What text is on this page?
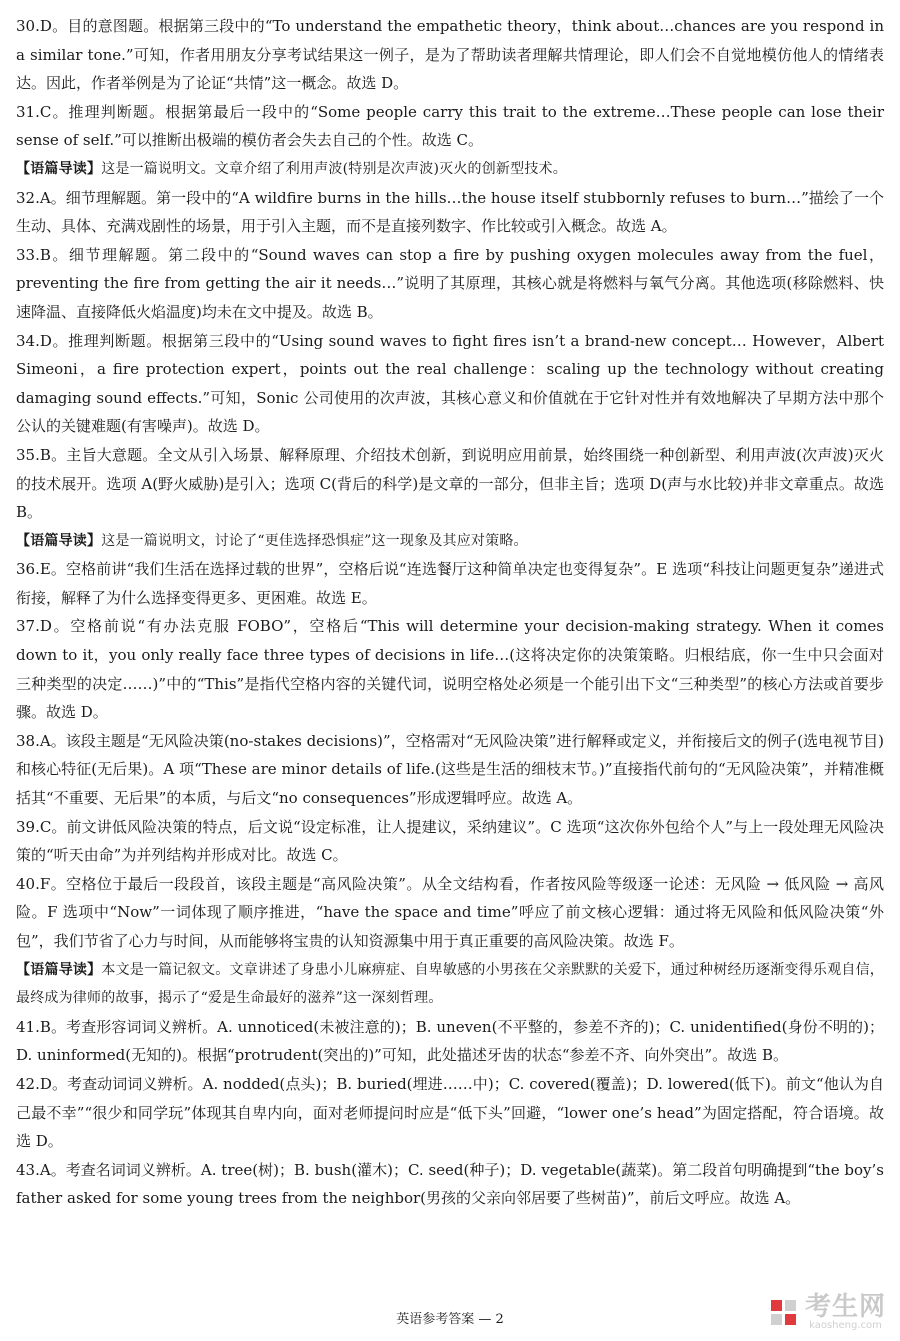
30.D。目的意图题。根据第三段中的“To understand the empathetic theory，think about…chances are you respond in a similar tone.”可知，作者用朋友分享考试结果这一例子，是为了帮助读者理解共情理论，即人们会不自觉地模仿他人的情绪表达。因此，作者举例是为了论证“共情”这一概念。故选 D。

31.C。推理判断题。根据第最后一段中的“Some people carry this trait to the extreme…These people can lose their sense of self.”可以推断出极端的模仿者会失去自己的个性。故选 C。

【语篇导读】这是一篇说明文。文章介绍了利用声波(特别是次声波)灭火的创新型技术。

32.A。细节理解题。第一段中的“A wildfire burns in the hills…the house itself stubbornly refuses to burn…”描绘了一个生动、具体、充满戏剧性的场景，用于引入主题，而不是直接列数字、作比较或引入概念。故选 A。

33.B。细节理解题。第二段中的“Sound waves can stop a fire by pushing oxygen molecules away from the fuel，preventing the fire from getting the air it needs…”说明了其原理，其核心就是将燃料与氧气分离。其他选项(移除燃料、快速降温、直接降低火焰温度)均未在文中提及。故选 B。

34.D。推理判断题。根据第三段中的“Using sound waves to fight fires isn’t a brand-new concept… However，Albert Simeoni，a fire protection expert，points out the real challenge：scaling up the technology without creating damaging sound effects.”可知，Sonic 公司使用的次声波，其核心意义和价值就在于它针对性并有效地解决了早期方法中那个公认的关键难题(有害噪声)。故选 D。

35.B。主旨大意题。全文从引入场景、解释原理、介绍技术创新，到说明应用前景，始终围绕一种创新型、利用声波(次声波)灭火的技术展开。选项 A(野火威胁)是引入；选项 C(背后的科学)是文章的一部分，但非主旨；选项 D(声与水比较)并非文章重点。故选 B。

【语篇导读】这是一篇说明文，讨论了“更佳选择恐惧症”这一现象及其应对策略。

36.E。空格前讲“我们生活在选择过载的世界”，空格后说“连选餐厅这种简单决定也变得复杂”。E 选项“科技让问题更复杂”递进式衔接，解释了为什么选择变得更多、更困难。故选 E。

37.D。空格前说“有办法克服 FOBO”，空格后“This will determine your decision-making strategy. When it comes down to it，you only really face three types of decisions in life…(这将决定你的决策策略。归根结底，你一生中只会面对三种类型的决定……)”中的“This”是指代空格内容的关键代词，说明空格处必须是一个能引出下文“三种类型”的核心方法或首要步骤。故选 D。

38.A。该段主题是“无风险决策(no-stakes decisions)”，空格需对“无风险决策”进行解释或定义，并衔接后文的例子(选电视节目)和核心特征(无后果)。A 项“These are minor details of life.(这些是生活的细枝末节。)”直接指代前句的“无风险决策”，并精准概括其“不重要、无后果”的本质，与后文“no consequences”形成逻辑呼应。故选 A。

39.C。前文讲低风险决策的特点，后文说“设定标准，让人提建议，采纳建议”。C 选项“这次你外包给个人”与上一段处理无风险决策的“听天由命”为并列结构并形成对比。故选 C。

40.F。空格位于最后一段段首，该段主题是“高风险决策”。从全文结构看，作者按风险等级逐一论述：无风险 → 低风险 → 高风险。F 选项中“Now”一词体现了顺序推进，“have the space and time”呼应了前文核心逻辑：通过将无风险和低风险决策“外包”，我们节省了心力与时间，从而能够将宝贵的认知资源集中用于真正重要的高风险决策。故选 F。

【语篇导读】本文是一篇记叙文。文章讲述了身患小儿麻痹症、自卑敏感的小男孩在父亲默默的关爱下，通过种树经历逐渐变得乐观自信，最终成为律师的故事，揭示了“爱是生命最好的滋养”这一深刻哲理。

41.B。考查形容词词义辨析。A. unnoticed(未被注意的)；B. uneven(不平整的，参差不齐的)；C. unidentified(身份不明的)；D. uninformed(无知的)。根据“protrudent(突出的)”可知，此处描述牙齿的状态“参差不齐、向外突出”。故选 B。

42.D。考查动词词义辨析。A. nodded(点头)；B. buried(埋进……中)；C. covered(覆盖)；D. lowered(低下)。前文“他认为自己最不幸”“很少和同学玩”体现其自卑内向，面对老师提问时应是“低下头”回避，“lower one’s head”为固定搭配，符合语境。故选 D。

43.A。考查名词词义辨析。A. tree(树)；B. bush(灌木)；C. seed(种子)；D. vegetable(蔬菜)。第二段首句明确提到“the boy’s father asked for some young trees from the neighbor(男孩的父亲向邻居要了些树苗)”，前后文呼应。故选 A。

英语参考答案 — 2	考生网
kaosheng.com
